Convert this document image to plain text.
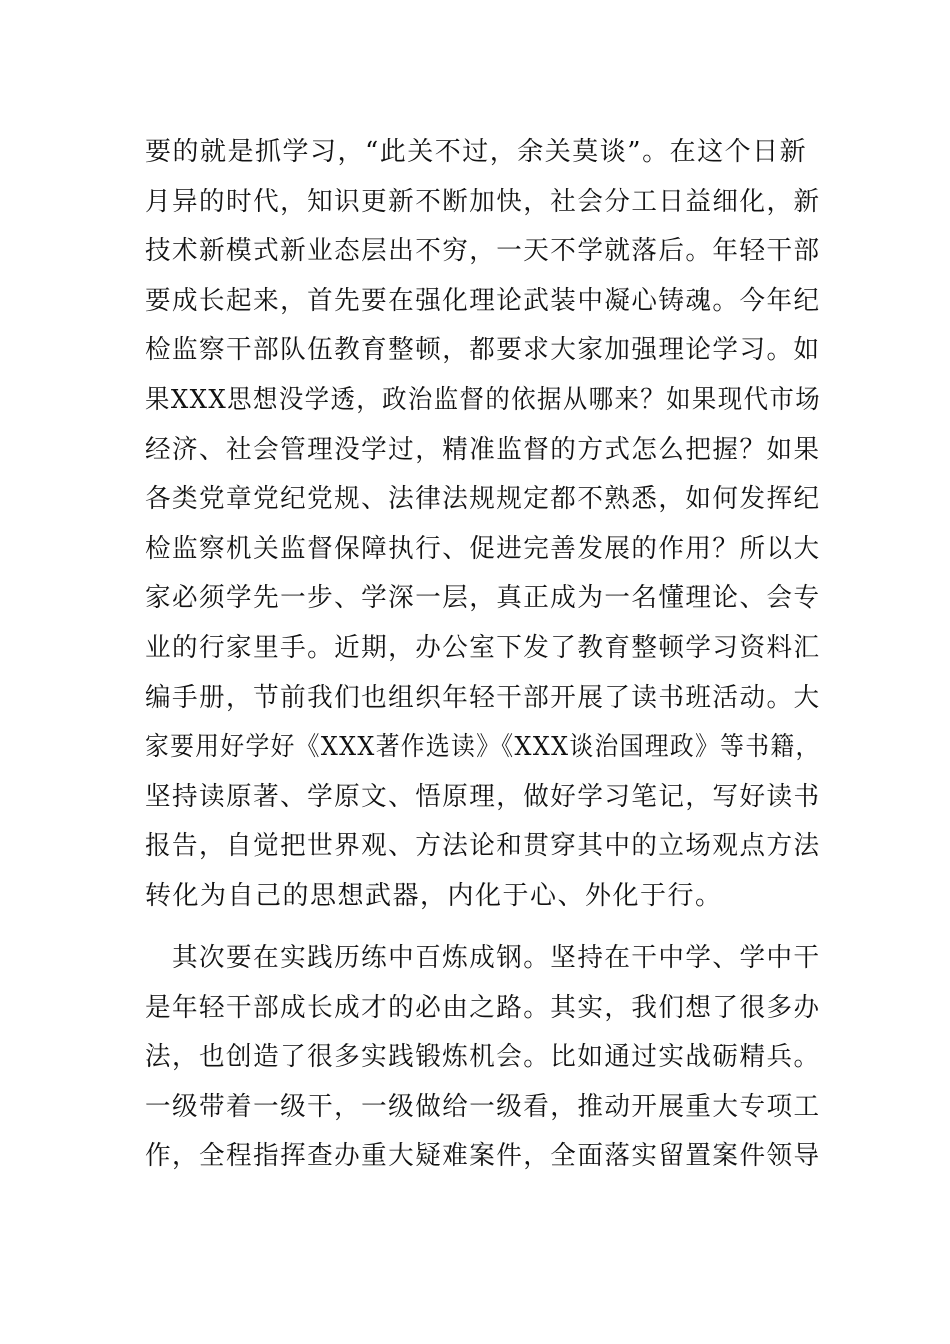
要的就是抓学习，“此关不过，余关莫谈”。在这个日新
月异的时代，知识更新不断加快，社会分工日益细化，新
技术新模式新业态层出不穷，一天不学就落后。年轻干部
要成长起来，首先要在强化理论武装中凝心铸魂。今年纪
检监察干部队伍教育整顿，都要求大家加强理论学习。如
果XXX思想没学透，政治监督的依据从哪来？如果现代市场
经济、社会管理没学过，精准监督的方式怎么把握？如果
各类党章党纪党规、法律法规规定都不熟悉，如何发挥纪
检监察机关监督保障执行、促进完善发展的作用？所以大
家必须学先一步、学深一层，真正成为一名懂理论、会专
业的行家里手。近期，办公室下发了教育整顿学习资料汇
编手册，节前我们也组织年轻干部开展了读书班活动。大
家要用好学好《XXX著作选读》《XXX谈治国理政》等书籍，
坚持读原著、学原文、悟原理，做好学习笔记，写好读书
报告，自觉把世界观、方法论和贯穿其中的立场观点方法
转化为自己的思想武器，内化于心、外化于行。
　其次要在实践历练中百炼成钢。坚持在干中学、学中干
是年轻干部成长成才的必由之路。其实，我们想了很多办
法，也创造了很多实践锻炼机会。比如通过实战砺精兵。
一级带着一级干，一级做给一级看，推动开展重大专项工
作，全程指挥查办重大疑难案件，全面落实留置案件领导
